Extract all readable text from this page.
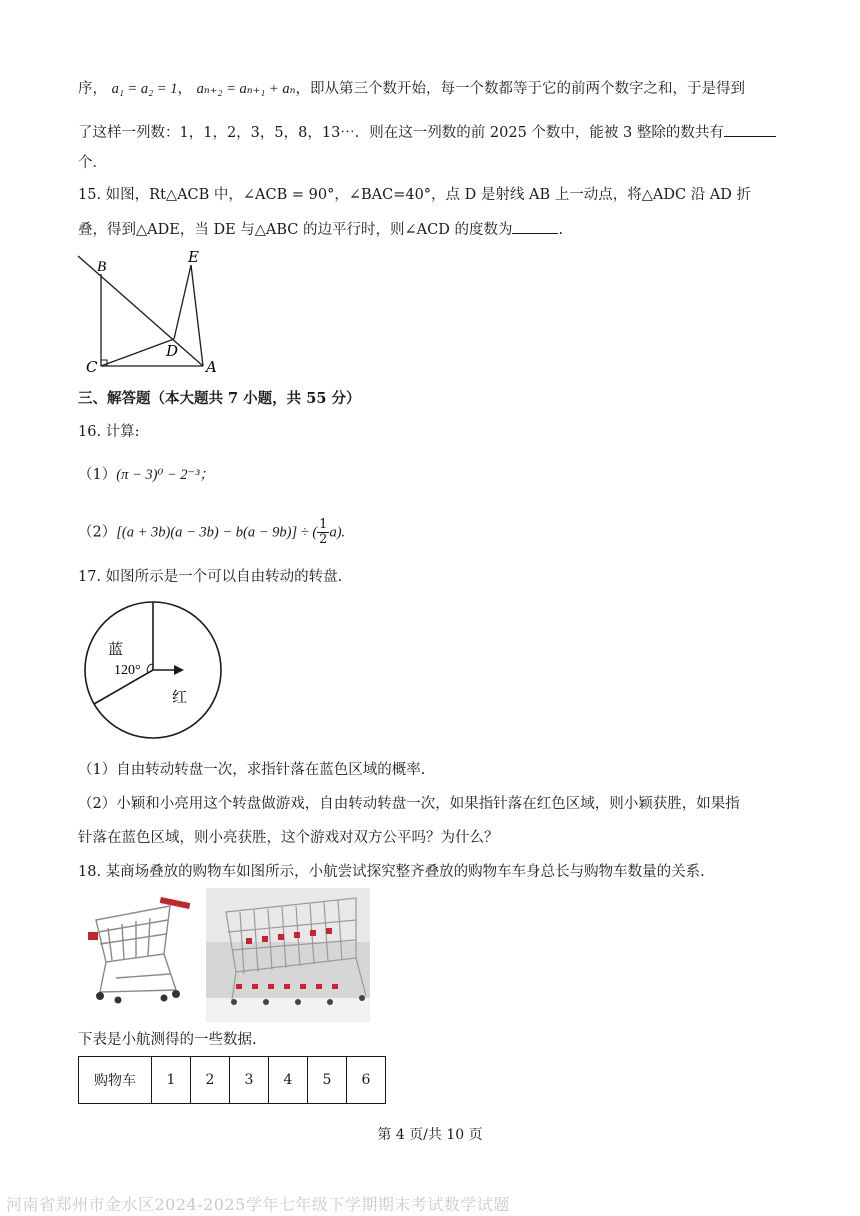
序， a₁ = a₂ = 1， aₙ₊₂ = aₙ₊₁ + aₙ，即从第三个数开始，每一个数都等于它的前两个数字之和，于是得到
了这样一列数：1，1，2，3，5，8，13⋯．则在这一列数的前 2025 个数中，能被 3 整除的数共有
个．
15. 如图，Rt△ACB 中，∠ACB = 90°，∠BAC=40°，点 D 是射线 AB 上一动点，将△ADC 沿 AD 折
叠，得到△ADE，当 DE 与△ABC 的边平行时，则∠ACD 的度数为	.
B
E
D
C	A
三、解答题（本大题共 7 小题，共 55 分）
16. 计算:
（1）(π − 3)⁰ − 2⁻³；
（2）[(a + 3b)(a − 3b) − b(a − 9b)] ÷ ( $\frac{1}{2} a$).
17. 如图所示是一个可以自由转动的转盘.
蓝
120°
红
（1）自由转动转盘一次，求指针落在蓝色区域的概率.
（2）小颖和小亮用这个转盘做游戏，自由转动转盘一次，如果指针落在红色区域，则小颖获胜，如果指
针落在蓝色区域，则小亮获胜，这个游戏对双方公平吗？为什么？
18. 某商场叠放的购物车如图所示，小航尝试探究整齐叠放的购物车车身总长与购物车数量的关系.
下表是小航测得的一些数据.
购物车	1	2	3	4	5	6
第 4 页/共 10 页
河南省郑州市金水区2024-2025学年七年级下学期期末考试数学试题
